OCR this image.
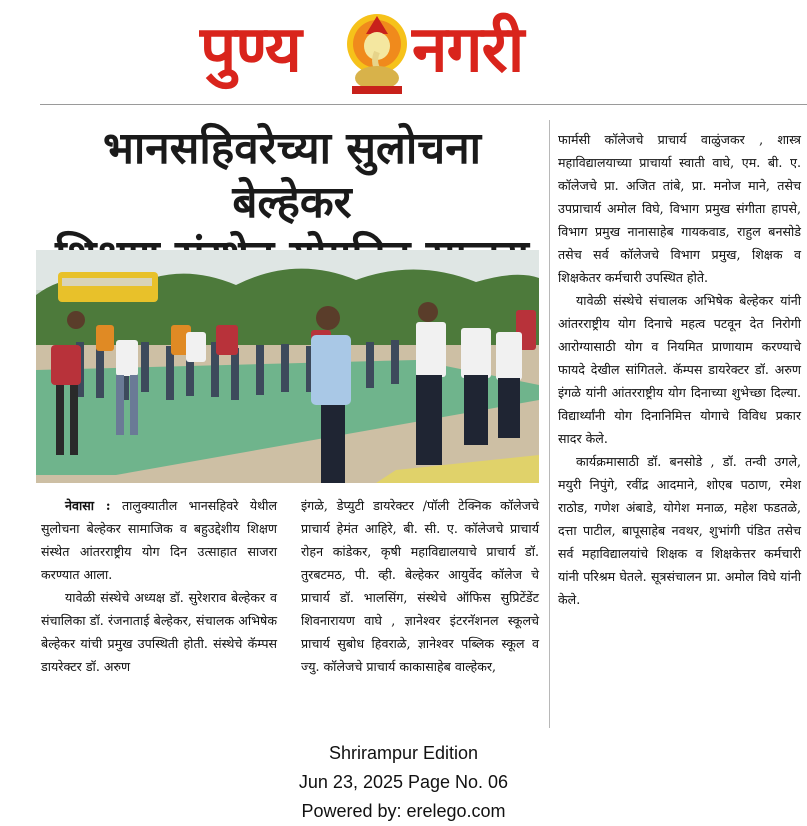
पुण्य नगरी
भानसहिवरेच्या सुलोचना बेल्हेकर

नेवासा : तालुक्यातील भानसहिवरे येथील सुलोचना बेल्हेकर सामाजिक व बहुउद्देशीय शिक्षण संस्थेत आंतरराष्ट्रीय योग दिन उत्साहात साजरा करण्यात आला.

यावेळी संस्थेचे अध्यक्ष डॉ. सुरेशराव बेल्हेकर व संचालिका डॉ. रंजनाताई बेल्हेकर, संचालक अभिषेक बेल्हेकर यांची प्रमुख उपस्थिती होती. संस्थेचे कॅम्पस डायरेक्टर डॉ. अरुण

इंगळे, डेप्युटी डायरेक्टर /पॉली टेक्निक कॉलेजचे प्राचार्य हेमंत आहिरे, बी. सी. ए. कॉलेजचे प्राचार्य रोहन कांडेकर, कृषी महाविद्यालयाचे प्राचार्य डॉ. तुरबटमठ, पी. व्ही. बेल्हेकर आयुर्वेद कॉलेज चे प्राचार्य डॉ. भालसिंग, संस्थेचे ऑफिस सुप्रिटेंडेंट शिवनारायण वाघे , ज्ञानेश्वर इंटरनॅशनल स्कूलचे प्राचार्य सुबोध हिवराळे, ज्ञानेश्वर पब्लिक स्कूल व ज्यु. कॉलेजचे प्राचार्य काकासाहेब वाल्हेकर,

फार्मसी कॉलेजचे प्राचार्य वाळुंजकर , शास्त्र महाविद्यालयाच्या प्राचार्या स्वाती वाघे, एम. बी. ए. कॉलेजचे प्रा. अजित तांबे, प्रा. मनोज माने, तसेच उपप्राचार्य अमोल विघे, विभाग प्रमुख संगीता हापसे, विभाग प्रमुख नानासाहेब गायकवाड, राहुल बनसोडे तसेच सर्व कॉलेजचे विभाग प्रमुख, शिक्षक व शिक्षकेतर कर्मचारी उपस्थित होते.

यावेळी संस्थेचे संचालक अभिषेक बेल्हेकर यांनी आंतरराष्ट्रीय योग दिनाचे महत्व पटवून देत निरोगी आरोग्यासाठी योग व नियमित प्राणायाम करण्याचे फायदे देखील सांगितले. कॅम्पस डायरेक्टर डॉ. अरुण इंगळे यांनी आंतरराष्ट्रीय योग दिनाच्या शुभेच्छा दिल्या. विद्यार्थ्यांनी योग दिनानिमित्त योगाचे विविध प्रकार सादर केले.

कार्यक्रमासाठी डॉ. बनसोडे , डॉ. तन्वी उगले, मयुरी निपुंगे, रवींद्र आदमाने, शोएब पठाण, रमेश राठोड, गणेश अंबाडे, योगेश मनाळ, महेश फडतळे, दत्ता पाटील, बापूसाहेब नवथर, शुभांगी पंडित तसेच सर्व महाविद्यालयांचे शिक्षक व शिक्षकेत्तर कर्मचारी यांनी परिश्रम घेतले. सूत्रसंचालन प्रा. अमोल विघे यांनी केले.

Shrirampur Edition
Jun 23, 2025 Page No. 06
Powered by: erelego.com
